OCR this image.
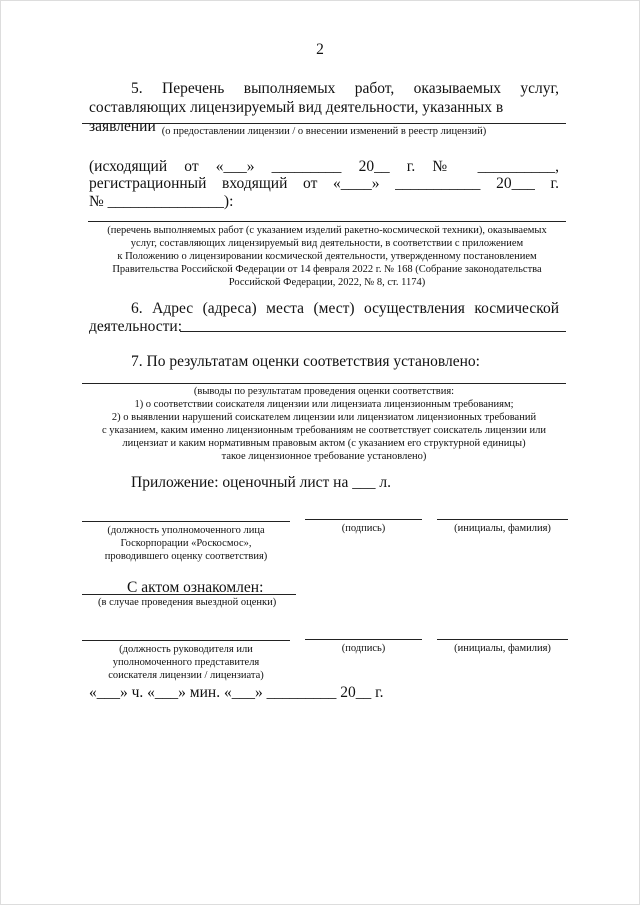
2
5. Перечень выполняемых работ, оказываемых услуг,
составляющих лицензируемый вид деятельности, указанных в заявлении (о предоставлении лицензии / о внесении изменений в реестр лицензий)
(исходящий от «___» _________ 20__ г. № __________,
регистрационный входящий от «____» ___________ 20___ г.
№ _______________):
(перечень выполняемых работ (с указанием изделий ракетно-космической техники), оказываемых
услуг, составляющих лицензируемый вид деятельности, в соответствии с приложением
к Положению о лицензировании космической деятельности, утвержденному постановлением
Правительства Российской Федерации от 14 февраля 2022 г. № 168 (Собрание законодательства
Российской Федерации, 2022, № 8, ст. 1174)
6. Адрес (адреса) места (мест) осуществления космической
деятельности:
7. По результатам оценки соответствия установлено:
(выводы по результатам проведения оценки соответствия:
1) о соответствии соискателя лицензии или лицензиата лицензионным требованиям;
2) о выявлении нарушений соискателем лицензии или лицензиатом лицензионных требований
с указанием, каким именно лицензионным требованиям не соответствует соискатель лицензии или
лицензиат и каким нормативным правовым актом (с указанием его структурной единицы)
такое лицензионное требование установлено)
Приложение: оценочный лист на ___ л.
(должность уполномоченного лица
Госкорпорации «Роскосмос»,
проводившего оценку соответствия)
(подпись)	(инициалы, фамилия)
С актом ознакомлен:
(в случае проведения выездной оценки)
(должность руководителя или
уполномоченного представителя
соискателя лицензии / лицензиата)
(подпись)	(инициалы, фамилия)
«___» ч. «___» мин. «___» _________ 20__ г.
